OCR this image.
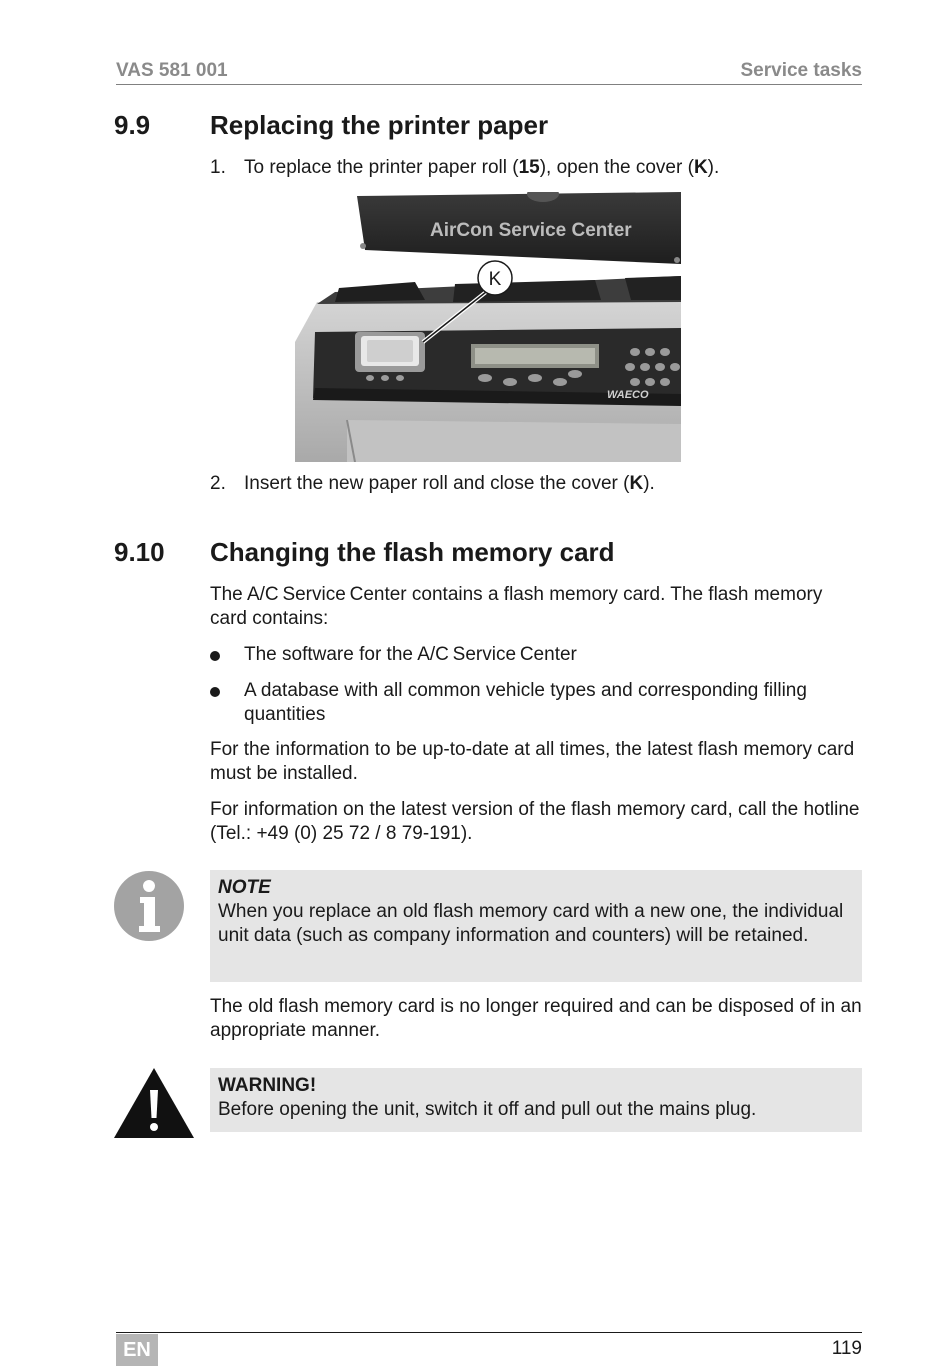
VAS 581 001	Service tasks
9.9 Replacing the printer paper
1. To replace the printer paper roll (15), open the cover (K).
AirCon Service Center
WAECO
K
2. Insert the new paper roll and close the cover (K).
9.10 Changing the flash memory card
The A/C Service Center contains a flash memory card. The flash memory card contains:
The software for the A/C Service Center
A database with all common vehicle types and corresponding filling quantities
For the information to be up-to-date at all times, the latest flash memory card must be installed.
For information on the latest version of the flash memory card, call the hotline (Tel.: +49 (0) 25 72 / 8 79-191).
NOTE
When you replace an old flash memory card with a new one, the individual unit data (such as company information and counters) will be retained.
The old flash memory card is no longer required and can be disposed of in an appropriate manner.
WARNING!
Before opening the unit, switch it off and pull out the mains plug.
EN	119
